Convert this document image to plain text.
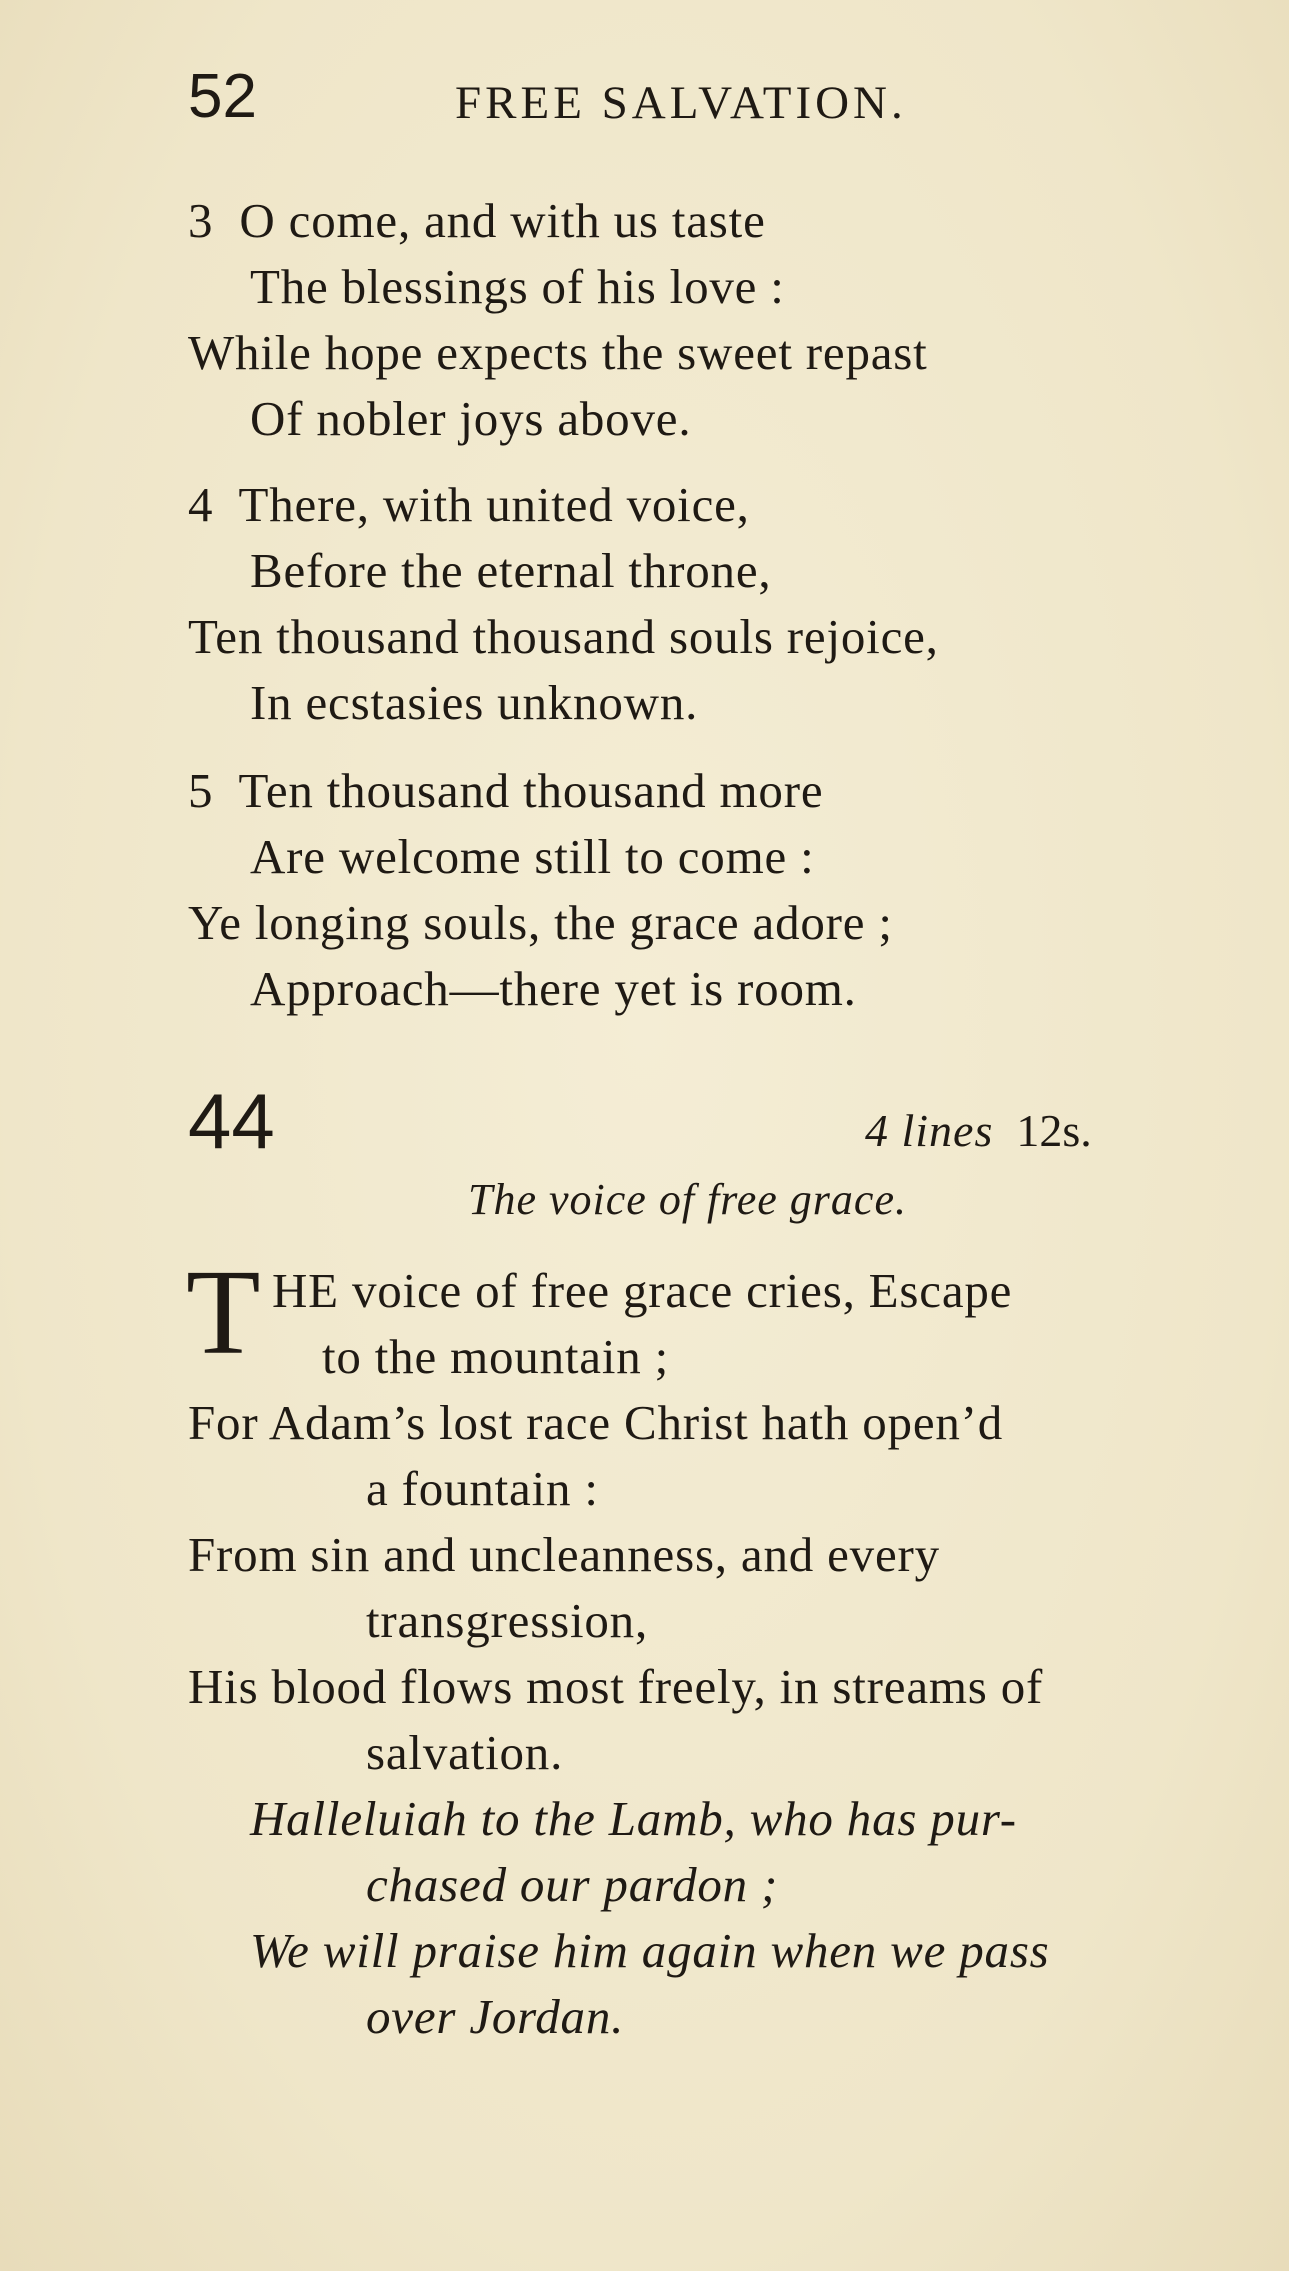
52	FREE SALVATION.
3 O come, and with us taste
The blessings of his love :
While hope expects the sweet repast
Of nobler joys above.
4 There, with united voice,
Before the eternal throne,
Ten thousand thousand souls rejoice,
In ecstasies unknown.
5 Ten thousand thousand more
Are welcome still to come :
Ye longing souls, the grace adore ;
Approach—there yet is room.
44	4 lines 12s.
The voice of free grace.
T HE voice of free grace cries, Escape
to the mountain ;
For Adam’s lost race Christ hath open’d
a fountain :
From sin and uncleanness, and every
transgression,
His blood flows most freely, in streams of
salvation.
Halleluiah to the Lamb, who has pur-
chased our pardon ;
We will praise him again when we pass
over Jordan.
